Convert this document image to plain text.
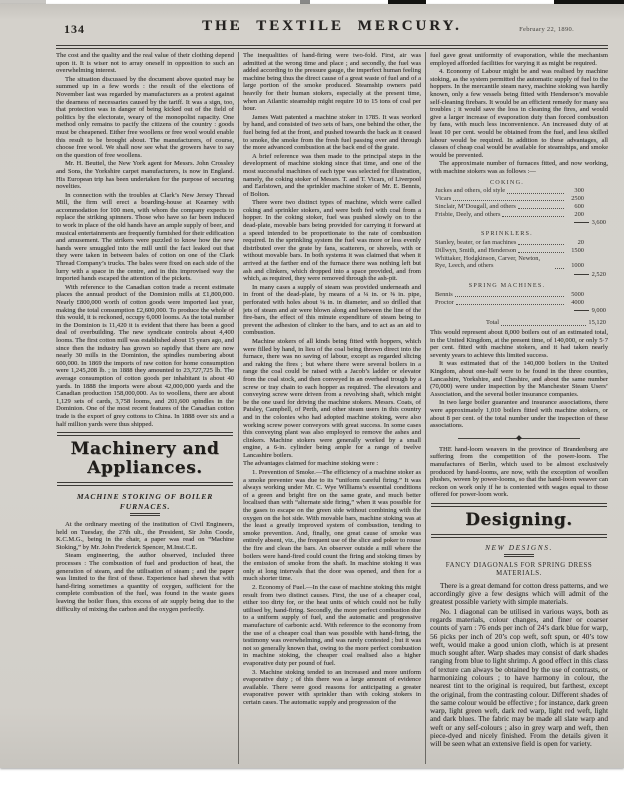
134	THE TEXTILE MERCURY.	February 22, 1890.

The cost and the quality and the real value of their clothing depend upon it. It is wiser not to array oneself in opposition to such an overwhelming interest.

The situation discussed by the document above quoted may be summed up in a few words : the result of the elections of November last was regarded by manufacturers as a protest against the dearness of necessaries caused by the tariff. It was a sign, too, that protection was in danger of being kicked out of the field of politics by the electorate, weary of the monopolist rapacity. One method only remains to pacify the citizens of the country : goods must be cheapened. Either free woollens or free wool would enable this result to be brought about. The manufacturers, of course, choose free wool. We shall now see what the growers have to say on the question of free woollens.

Mr. H. Beuttel, the New York agent for Messrs. John Crossley and Sons, the Yorkshire carpet manufacturers, is now in England. His European trip has been undertaken for the purpose of securing novelties.

In connection with the troubles at Clark’s New Jersey Thread Mill, the firm will erect a boarding-house at Kearney with accommodation for 100 men, with whom the company expects to replace the striking spinners. Those who have so far been induced to work in place of the old hands have an ample supply of beer, and musical entertainments are frequently furnished for their edification and amusement. The strikers were puzzled to know how the new hands were smuggled into the mill until the fact leaked out that they were taken in between bales of cotton on one of the Clark Thread Company’s trucks. The bales were fixed on each side of the lurry with a space in the centre, and in this improvised way the imported hands escaped the attention of the pickets.

With reference to the Canadian cotton trade a recent estimate places the annual product of the Dominion mills at £1,800,000. Nearly £800,000 worth of cotton goods were imported last year, making the total consumption £2,600,000. To produce the whole of this would, it is reckoned, occupy 6,000 looms. As the total number in the Dominion is 11,420 it is evident that there has been a good deal of overbuilding. The new syndicate controls about 4,400 looms. The first cotton mill was established about 15 years ago, and since then the industry has grown so rapidly that there are now nearly 30 mills in the Dominion, the spindles numbering about 600,000. In 1869 the imports of raw cotton for home consumption were 1,245,208 lb. ; in 1888 they amounted to 23,727,725 lb. The average consumption of cotton goods per inhabitant is about 40 yards. In 1888 the imports were about 42,000,000 yards and the Canadian production 158,000,000. As to woollens, there are about 1,129 sets of cards, 3,758 looms, and 201,600 spindles in the Dominion. One of the most recent features of the Canadian cotton trade is the export of grey cottons to China. In 1888 over six and a half million yards were thus shipped.

Machinery and Appliances.
MACHINE STOKING OF BOILER FURNACES.

At the ordinary meeting of the institution of Civil Engineers, held on Tuesday, the 27th ult., the President, Sir John Coode, K.C.M.G., being in the chair, a paper was read on “Machine Stoking,” by Mr. John Frederick Spencer, M.Inst.C.E.

Steam engineering, the author observed, included three processes : The combustion of fuel and production of heat, the generation of steam, and the utilisation of steam ; and the paper was limited to the first of these. Experience had shewn that with hand-firing sometimes a quantity of oxygen, sufficient for the complete combustion of the fuel, was found in the waste gases leaving the boiler flues, this excess of air supply being due to the difficulty of mixing the carbon and the oxygen perfectly.

The inequalities of hand-firing were two-fold. First, air was admitted at the wrong time and place ; and secondly, the fuel was added according to the pressure gauge, the imperfect human feeling machine being thus the direct cause of a great waste of fuel and of a large portion of the smoke produced. Steamship owners paid heavily for their human stokers, especially at the present time, when an Atlantic steamship might require 10 to 15 tons of coal per hour.

James Watt patented a machine stoker in 1785. It was worked by hand, and consisted of two sets of bars, one behind the other, the fuel being fed at the front, and pushed towards the back as it ceased to smoke, the smoke from the fresh fuel passing over and through the more advanced combustion at the back end of the grate.

A brief reference was then made to the principal steps in the development of machine stoking since that time, and one of the most successful machines of each type was selected for illustration, namely, the coking stoker of Messrs. T. and T. Vicars, of Liverpool and Earlstown, and the sprinkler machine stoker of Mr. E. Bennis, of Bolton.

There were two distinct types of machine, which were called coking and sprinkler stokers, and were both fed with coal from a hopper. In the coking stoker, fuel was pushed slowly on to the dead-plate, movable bars being provided for carrying it forward at a speed intended to be proportionate to the rate of combustion required. In the sprinkling system the fuel was more or less evenly distributed over the grate by fans, scatterers, or shovels, with or without movable bars. In both systems it was claimed that when it arrived at the farther end of the furnace there was nothing left but ash and clinkers, which dropped into a space provided, and from which, as required, they were removed through the ash-pit.

In many cases a supply of steam was provided underneath and in front of the dead-plate, by means of a ¼ in. or ⅜ in. pipe, perforated with holes about ⅛ in. in diameter, and so drilled that jets of steam and air were blown along and between the line of the fire-bars, the effect of this minute expenditure of steam being to prevent the adhesion of clinker to the bars, and to act as an aid to combustion.

Machine stokers of all kinds being fitted with hoppers, which were filled by hand, in lieu of the coal being thrown direct into the furnace, there was no saving of labour, except as regarded slicing and raking the fires ; but where there were several boilers in a range the coal could be raised with a Jacob’s ladder or elevator from the coal stock, and then conveyed in an overhead trough by a screw or tray chain to each hopper as required. The elevators and conveying screw were driven from a revolving shaft, which might be the one used for driving the machine stokers. Messrs. Coats, of Paisley, Campbell, of Perth, and other steam users in this country and in the colonies who had adopted machine stoking, were also working screw power conveyors with great success. In some cases this conveying plant was also employed to remove the ashes and clinkers. Machine stokers were generally worked by a small engine, a 6-in. cylinder being ample for a range of twelve Lancashire boilers.

The advantages claimed for machine stoking were :

1. Prevention of Smoke.—The efficiency of a machine stoker as a smoke preventer was due to its “uniform careful firing.” It was always working under Mr. C. Wye Williams’s essential conditions of a green and bright fire on the same grate, and much better localised than with “alternate side firing,” when it was possible for the gases to escape on the green side without combining with the oxygen on the hot side. With movable bars, machine stoking was at the least a greatly improved system of combustion, tending to smoke prevention. And, finally, one great cause of smoke was entirely absent, viz., the frequent use of the slice and poker to rouse the fire and clean the bars. An observer outside a mill where the boilers were hand-fired could count the firing and stoking times by the emission of smoke from the shaft. In machine stoking it was only at long intervals that the door was opened, and then for a much shorter time.

2. Economy of Fuel.—In the case of machine stoking this might result from two distinct causes. First, the use of a cheaper coal, either too dirty for, or the heat units of which could not be fully utilised by, hand-firing. Secondly, the more perfect combustion due to a uniform supply of fuel, and the automatic and progressive manufacture of carbonic acid. With reference to the economy from the use of a cheaper coal than was possible with hand-firing, the testimony was overwhelming, and was rarely contested ; but it was not so generally known that, owing to the more perfect combustion in machine stoking, the cheaper coal realised also a higher evaporative duty per pound of fuel.

3. Machine stoking tended to an increased and more uniform evaporative duty ; of this there was a large amount of evidence available. There were good reasons for anticipating a greater evaporative power with sprinkler than with coking stokers in certain cases. The automatic supply and progression of the

fuel gave great uniformity of evaporation, while the mechanism employed afforded facilities for varying it as might be required.

4. Economy of Labour might be and was realised by machine stoking, as the system permitted the automatic supply of fuel to the hoppers. In the mercantile steam navy, machine stoking was hardly known, only a few vessels being fitted with Henderson’s movable self-cleaning firebars. It would be an efficient remedy for many sea troubles ; it would save the loss in cleaning the fires, and would give a larger increase of evaporation duty than forced combustion by fans, with much less inconvenience. An increased duty of at least 10 per cent. would be obtained from the fuel, and less skilled labour would be required. In addition to these advantages, all classes of cheap coal would be available for steamships, and smoke would be prevented.

The approximate number of furnaces fitted, and now working, with machine stokers was as follows :—

COKING.
Juckes and others, old style	300
Vicars	2500
Sinclair, M’Dougall, and others	600
Frisbie, Deely, and others	200
3,600
SPRINKLERS.
Stanley, beater, or fan machines	20
Dillwyn, Smith, and Henderson	1500
Whittaker, Hodgkinson, Carver, Newton, Rye, Leech, and others	1000
2,520
SPRING MACHINES.
Bennis	5000
Proctor	4000
9,000
Total	15,120

This would represent about 8,000 boilers out of an estimated total, in the United Kingdom, at the present time, of 140,000, or only 5·7 per cent. fitted with machine stokers, and it had taken nearly seventy years to achieve this limited success.

It was estimated that of the 140,000 boilers in the United Kingdom, about one-half were to be found in the three counties, Lancashire, Yorkshire, and Cheshire, and about the same number (70,000) were under inspection by the Manchester Steam Users’ Association, and the several boiler insurance companies.

In two large boiler guarantee and insurance associations, there were approximately 1,010 boilers fitted with machine stokers, or about 8 per cent. of the total number under the inspection of these associations.

THE hand-loom weavers in the province of Brandenburg are suffering from the competition of the power-loom. The manufactures of Berlin, which used to be almost exclusively produced by hand-looms, are now, with the exception of woollen plushes, woven by power-looms, so that the hand-loom weaver can reckon on work only if he is contented with wages equal to those offered for power-loom work.

Designing.
NEW DESIGNS.
FANCY DIAGONALS FOR SPRING DRESS MATERIALS.

There is a great demand for cotton dress patterns, and we accordingly give a few designs which will admit of the greatest possible variety with simple materials.

No. 1 diagonal can be utilised in various ways, both as regards materials, colour changes, and finer or coarser counts of yarn : 76 ends per inch of 24’s dark blue for warp, 56 picks per inch of 20’s cop weft, soft spun, or 40’s tow weft, would make a good union cloth, which is at present much sought after. Warp shades may consist of dark shades ranging from blue to light shrimp. A good effect in this class of texture can always be obtained by the use of contrasts, or harmonizing colours ; to have harmony in colour, the nearest tint to the original is required, but farthest, except the original, from the contrasting colour. Different shades of the same colour would be effective ; for instance, dark green warp, light green weft, dark red warp, light red weft, light and dark blues. The fabric may be made all slate warp and weft or any self-colours ; also in grey warp and weft, then piece-dyed and nicely finished. From the details given it will be seen what an extensive field is open for variety.
